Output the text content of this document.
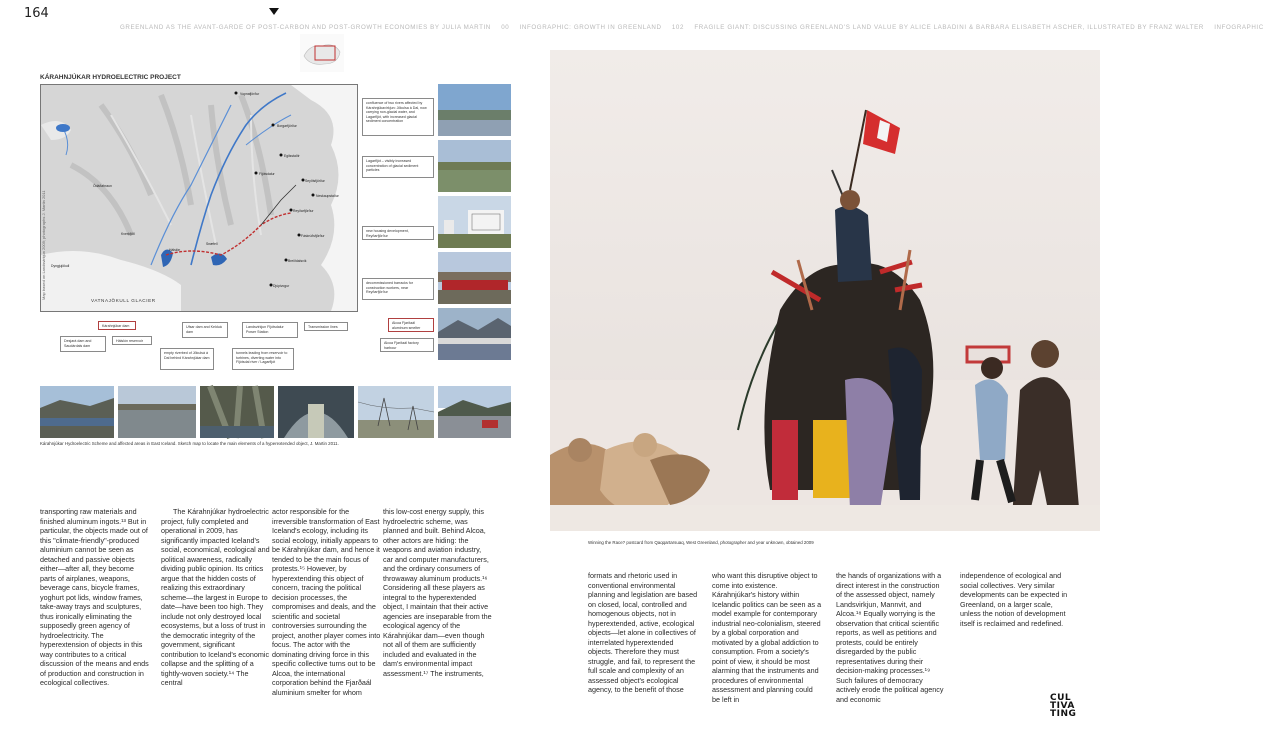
164
GREENLAND AS THE AVANT-GARDE OF POST-CARBON AND POST-GROWTH ECONOMIES BY JULIA MARTIN 00 INFOGRAPHIC: GROWTH IN GREENLAND 102 FRAGILE GIANT: DISCUSSING GREENLAND'S LAND VALUE BY ALICE LABADINI & BARBARA ELISABETH ASCHER, ILLUSTRATED BY FRANZ WALTER INFOGRAPHIC
KÁRAHNJÚKAR HYDROELECTRIC PROJECT
Vopnafjörður
Borgarfjörður
Fljótsdalur
Egilsstaðir
Seyðisfjörður
Neskaupstaður
Reyðarfjörður
Fáskrúðsfjörður
Breiðdalsvík
Djúpivogur
Ódáðahraun
Dyngjujökull
Snæfell
Hálslón
Kverkfjöll
VATNAJÖKULL GLACIER
Map based on Landsvirkjun 2009; photographs J. Martin 2011
confluence of two rivers affected by Kárahnjúkavirkjun: Jökulsa á Dal, now carrying non-glacial water, and Lagarfljót, with increased glacial sediment concentration
Lagarfljót – visibly increased concentration of glacial sediment particles
new housing development, Reyðarfjörður
decommissioned barracks for construction workers, near Reyðarfjörður
Alcoa Fjarðaál aluminum smelter
Alcoa Fjarðaál factory harbour
Kárahnjúkar dam
Desjará dam and Saudárdals dam
Hálslón reservoir
Ufsar dam and Kelduá dam
empty riverbed of Jökulsá á Dal behind Kárahnjúkar dam
Landsvirkjun Fljótsdalur Power Station
tunnels leading from reservoir to turbines, diverting water into Fljótsdal river / Lagarfljót
Transmission lines
Kárahnjúkar Hydroelectric Scheme and affected areas in East Iceland. Sketch map to locate the main elements of a hyperextended object, J. Martin 2011.

transporting raw materials and finished aluminum ingots.¹³ But in particular, the objects made out of this "climate-friendly"-produced aluminium cannot be seen as detached and passive objects either—after all, they become parts of airplanes, weapons, beverage cans, bicycle frames, yoghurt pot lids, window frames, take-away trays and sculptures, thus ironically eliminating the supposedly green agency of hydroelectricity. The hyperextension of objects in this way contributes to a critical discussion of the means and ends of production and construction in ecological collectives.

The Kárahnjúkar hydroelectric project, fully completed and operational in 2009, has significantly impacted Iceland's social, economical, ecological and political awareness, radically dividing public opinion. Its critics argue that the hidden costs of realizing this extraordinary scheme—the largest in Europe to date—have been too high. They include not only destroyed local ecosystems, but a loss of trust in the democratic integrity of the government, significant contribution to Iceland's economic collapse and the splitting of a tightly-woven society.¹⁴ The central

actor responsible for the irreversible transformation of East Iceland's ecology, including its social ecology, initially appears to be Kárahnjúkar dam, and hence it tended to be the main focus of protests.¹⁵ However, by hyperextending this object of concern, tracing the political decision processes, the compromises and deals, and the scientific and societal controversies surrounding the project, another player comes into focus. The actor with the dominating driving force in this specific collective turns out to be Alcoa, the international corporation behind the Fjarðaál aluminium smelter for whom

this low-cost energy supply, this hydroelectric scheme, was planned and built. Behind Alcoa, other actors are hiding: the weapons and aviation industry, car and computer manufacturers, and the ordinary consumers of throwaway aluminum products.¹⁶ Considering all these players as integral to the hyperextended object, I maintain that their active agencies are inseparable from the ecological agency of the Kárahnjúkar dam—even though not all of them are sufficiently included and evaluated in the dam's environmental impact assessment.¹⁷ The instruments,

Winning the Race? postcard from Qaqqartarsuaq, West Greenland, photographer and year unknown, obtained 2009

formats and rhetoric used in conventional environmental planning and legislation are based on closed, local, controlled and homogenous objects, not in hyperextended, active, ecological objects—let alone in collectives of interrelated hyperextended objects. Therefore they must struggle, and fail, to represent the full scale and complexity of an assessed object's ecological agency, to the benefit of those

who want this disruptive object to come into existence. Kárahnjúkar's history within Icelandic politics can be seen as a model example for contemporary industrial neo-colonialism, steered by a global corporation and motivated by a global addiction to consumption. From a society's point of view, it should be most alarming that the instruments and procedures of environmental assessment and planning could be left in

the hands of organizations with a direct interest in the construction of the assessed object, namely Landsvirkjun, Mannvit, and Alcoa.¹⁸ Equally worrying is the observation that critical scientific reports, as well as petitions and protests, could be entirely disregarded by the public representatives during their decision-making processes.¹⁹ Such failures of democracy actively erode the political agency and economic

independence of ecological and social collectives. Very similar developments can be expected in Greenland, on a larger scale, unless the notion of development itself is reclaimed and redefined.

CUL
TIVA
TING
